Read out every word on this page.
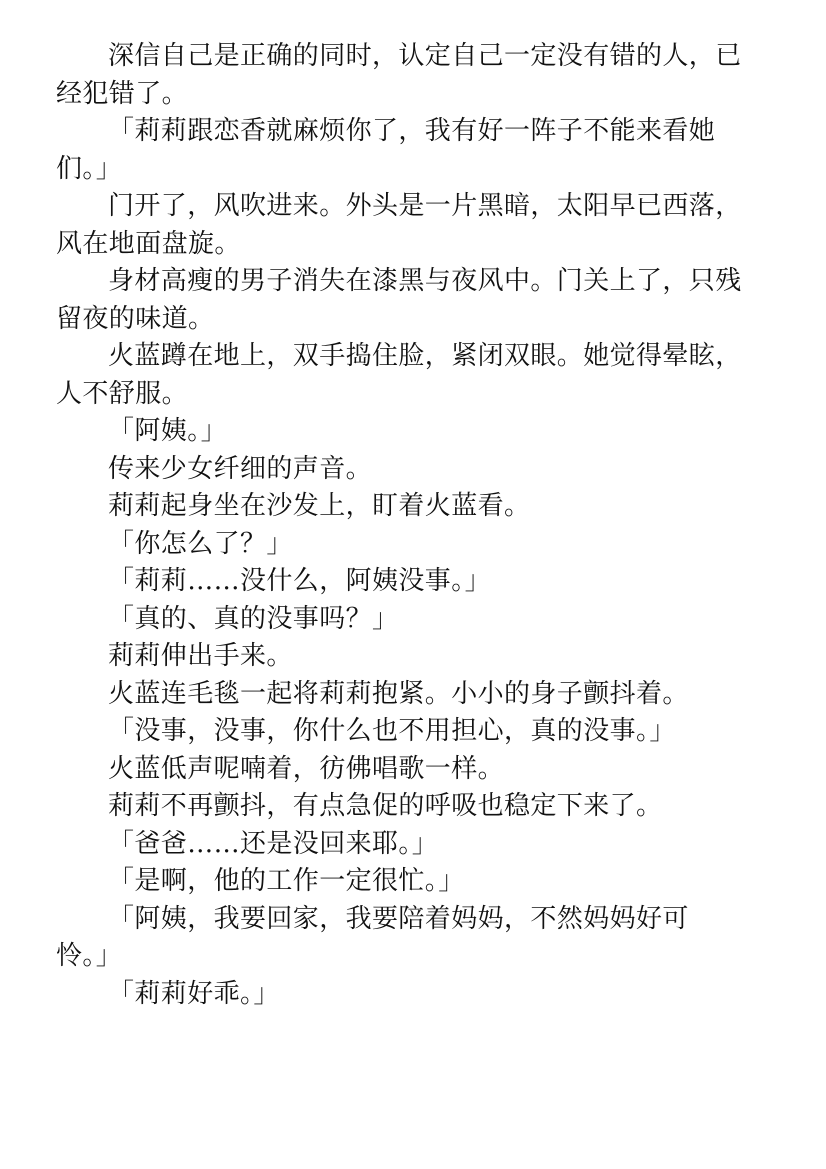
深信自己是正确的同时，认定自己一定没有错的人，已
经犯错了。
「莉莉跟恋香就麻烦你了，我有好一阵子不能来看她
们。」
门开了，风吹进来。外头是一片黑暗，太阳早已西落，
风在地面盘旋。
身材高瘦的男子消失在漆黑与夜风中。门关上了，只残
留夜的味道。
火蓝蹲在地上，双手捣住脸，紧闭双眼。她觉得晕眩，
人不舒服。
「阿姨。」
传来少女纤细的声音。
莉莉起身坐在沙发上，盯着火蓝看。
「你怎么了？」
「莉莉……没什么，阿姨没事。」
「真的、真的没事吗？」
莉莉伸出手来。
火蓝连毛毯一起将莉莉抱紧。小小的身子颤抖着。
「没事，没事，你什么也不用担心，真的没事。」
火蓝低声呢喃着，彷佛唱歌一样。
莉莉不再颤抖，有点急促的呼吸也稳定下来了。
「爸爸……还是没回来耶。」
「是啊，他的工作一定很忙。」
「阿姨，我要回家，我要陪着妈妈，不然妈妈好可
怜。」
「莉莉好乖。」
